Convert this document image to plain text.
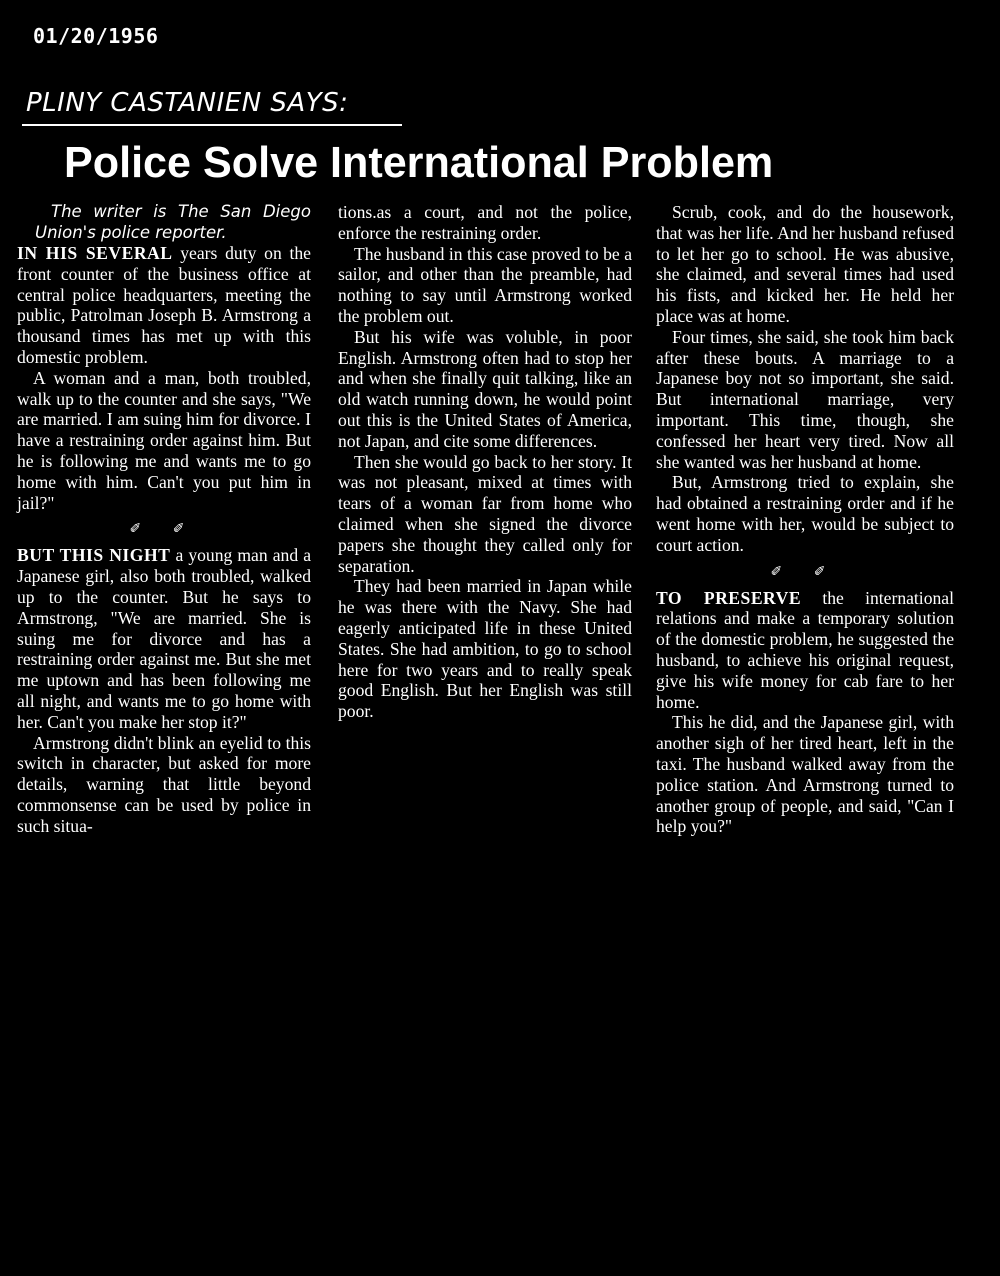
01/20/1956
PLINY CASTANIEN SAYS:
Police Solve International Problem

The writer is The San Diego Union's police reporter.

IN HIS SEVERAL years duty on the front counter of the business office at central police headquarters, meeting the public, Patrolman Joseph B. Armstrong a thousand times has met up with this domestic problem.

A woman and a man, both troubled, walk up to the counter and she says, "We are married. I am suing him for divorce. I have a restraining order against him. But he is following me and wants me to go home with him. Can't you put him in jail?"

✐ ✐

BUT THIS NIGHT a young man and a Japanese girl, also both troubled, walked up to the counter. But he says to Armstrong, "We are married. She is suing me for divorce and has a restraining order against me. But she met me uptown and has been following me all night, and wants me to go home with her. Can't you make her stop it?"

Armstrong didn't blink an eyelid to this switch in character, but asked for more details, warning that little beyond commonsense can be used by police in such situa-

tions.as a court, and not the police, enforce the restraining order.

The husband in this case proved to be a sailor, and other than the preamble, had nothing to say until Armstrong worked the problem out.

But his wife was voluble, in poor English. Armstrong often had to stop her and when she finally quit talking, like an old watch running down, he would point out this is the United States of America, not Japan, and cite some differences.

Then she would go back to her story. It was not pleasant, mixed at times with tears of a woman far from home who claimed when she signed the divorce papers she thought they called only for separation.

They had been married in Japan while he was there with the Navy. She had eagerly anticipated life in these United States. She had ambition, to go to school here for two years and to really speak good English. But her English was still poor.

Scrub, cook, and do the housework, that was her life. And her husband refused to let her go to school. He was abusive, she claimed, and several times had used his fists, and kicked her. He held her place was at home.

Four times, she said, she took him back after these bouts. A marriage to a Japanese boy not so important, she said. But international marriage, very important. This time, though, she confessed her heart very tired. Now all she wanted was her husband at home.

But, Armstrong tried to explain, she had obtained a restraining order and if he went home with her, would be subject to court action.

✐ ✐

TO PRESERVE the international relations and make a temporary solution of the domestic problem, he suggested the husband, to achieve his original request, give his wife money for cab fare to her home.

This he did, and the Japanese girl, with another sigh of her tired heart, left in the taxi. The husband walked away from the police station. And Armstrong turned to another group of people, and said, "Can I help you?"
